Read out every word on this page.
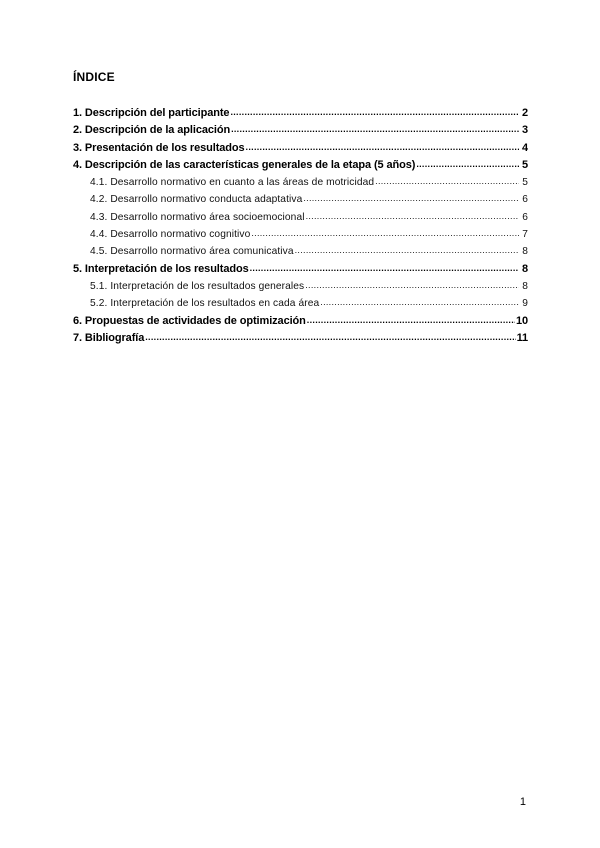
ÍNDICE
1. Descripción del participante .....	2
2. Descripción de la aplicación .....	3
3. Presentación de los resultados .....	4
4. Descripción de las características generales de la etapa (5 años) .....	5
4.1. Desarrollo normativo en cuanto a las áreas de motricidad .....	5
4.2. Desarrollo normativo conducta adaptativa .....	6
4.3. Desarrollo normativo área socioemocional .....	6
4.4. Desarrollo normativo cognitivo .....	7
4.5. Desarrollo normativo área comunicativa .....	8
5. Interpretación de los resultados .....	8
5.1. Interpretación de los resultados generales .....	8
5.2. Interpretación de los resultados en cada área .....	9
6. Propuestas de actividades de optimización .....	10
7. Bibliografía .....	11
1
